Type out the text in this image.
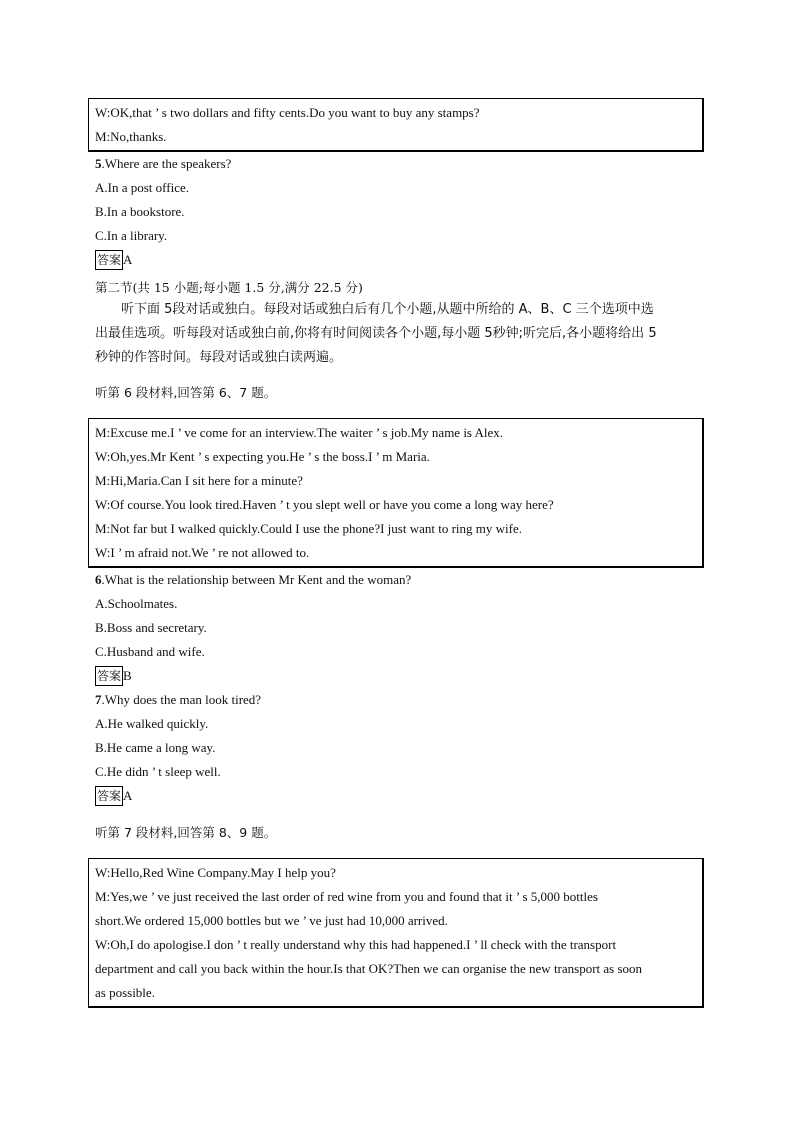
W:OK,that ’ s two dollars and fifty cents.Do you want to buy any stamps?
M:No,thanks.
5.Where are the speakers?
A.In a post office.
B.In a bookstore.
C.In a library.
答案 A
第二节(共 15 小题;每小题 1.5 分,满分 22.5 分)
听下面 5段对话或独白。每段对话或独白后有几个小题,从题中所给的 A、B、C 三个选项中选
出最佳选项。听每段对话或独白前,你将有时间阅读各个小题,每小题 5秒钟;听完后,各小题将给出 5
秒钟的作答时间。每段对话或独白读两遍。
听第 6 段材料,回答第 6、7 题。
M:Excuse me.I ’ ve come for an interview.The waiter ’ s job.My name is Alex.
W:Oh,yes.Mr Kent ’ s expecting you.He ’ s the boss.I ’ m Maria.
M:Hi,Maria.Can I sit here for a minute?
W:Of course.You look tired.Haven ’ t you slept well or have you come a long way here?
M:Not far but I walked quickly.Could I use the phone?I just want to ring my wife.
W:I ’ m afraid not.We ’ re not allowed to.
6.What is the relationship between Mr Kent and the woman?
A.Schoolmates.
B.Boss and secretary.
C.Husband and wife.
答案 B
7.Why does the man look tired?
A.He walked quickly.
B.He came a long way.
C.He didn ’ t sleep well.
答案 A
听第 7 段材料,回答第 8、9 题。
W:Hello,Red Wine Company.May I help you?
M:Yes,we ’ ve just received the last order of red wine from you and found that it ’ s 5,000 bottles
short.We ordered 15,000 bottles but we ’ ve just had 10,000 arrived.
W:Oh,I do apologise.I don ’ t really understand why this had happened.I ’ ll check with the transport
department and call you back within the hour.Is that OK?Then we can organise the new transport as soon
as possible.
